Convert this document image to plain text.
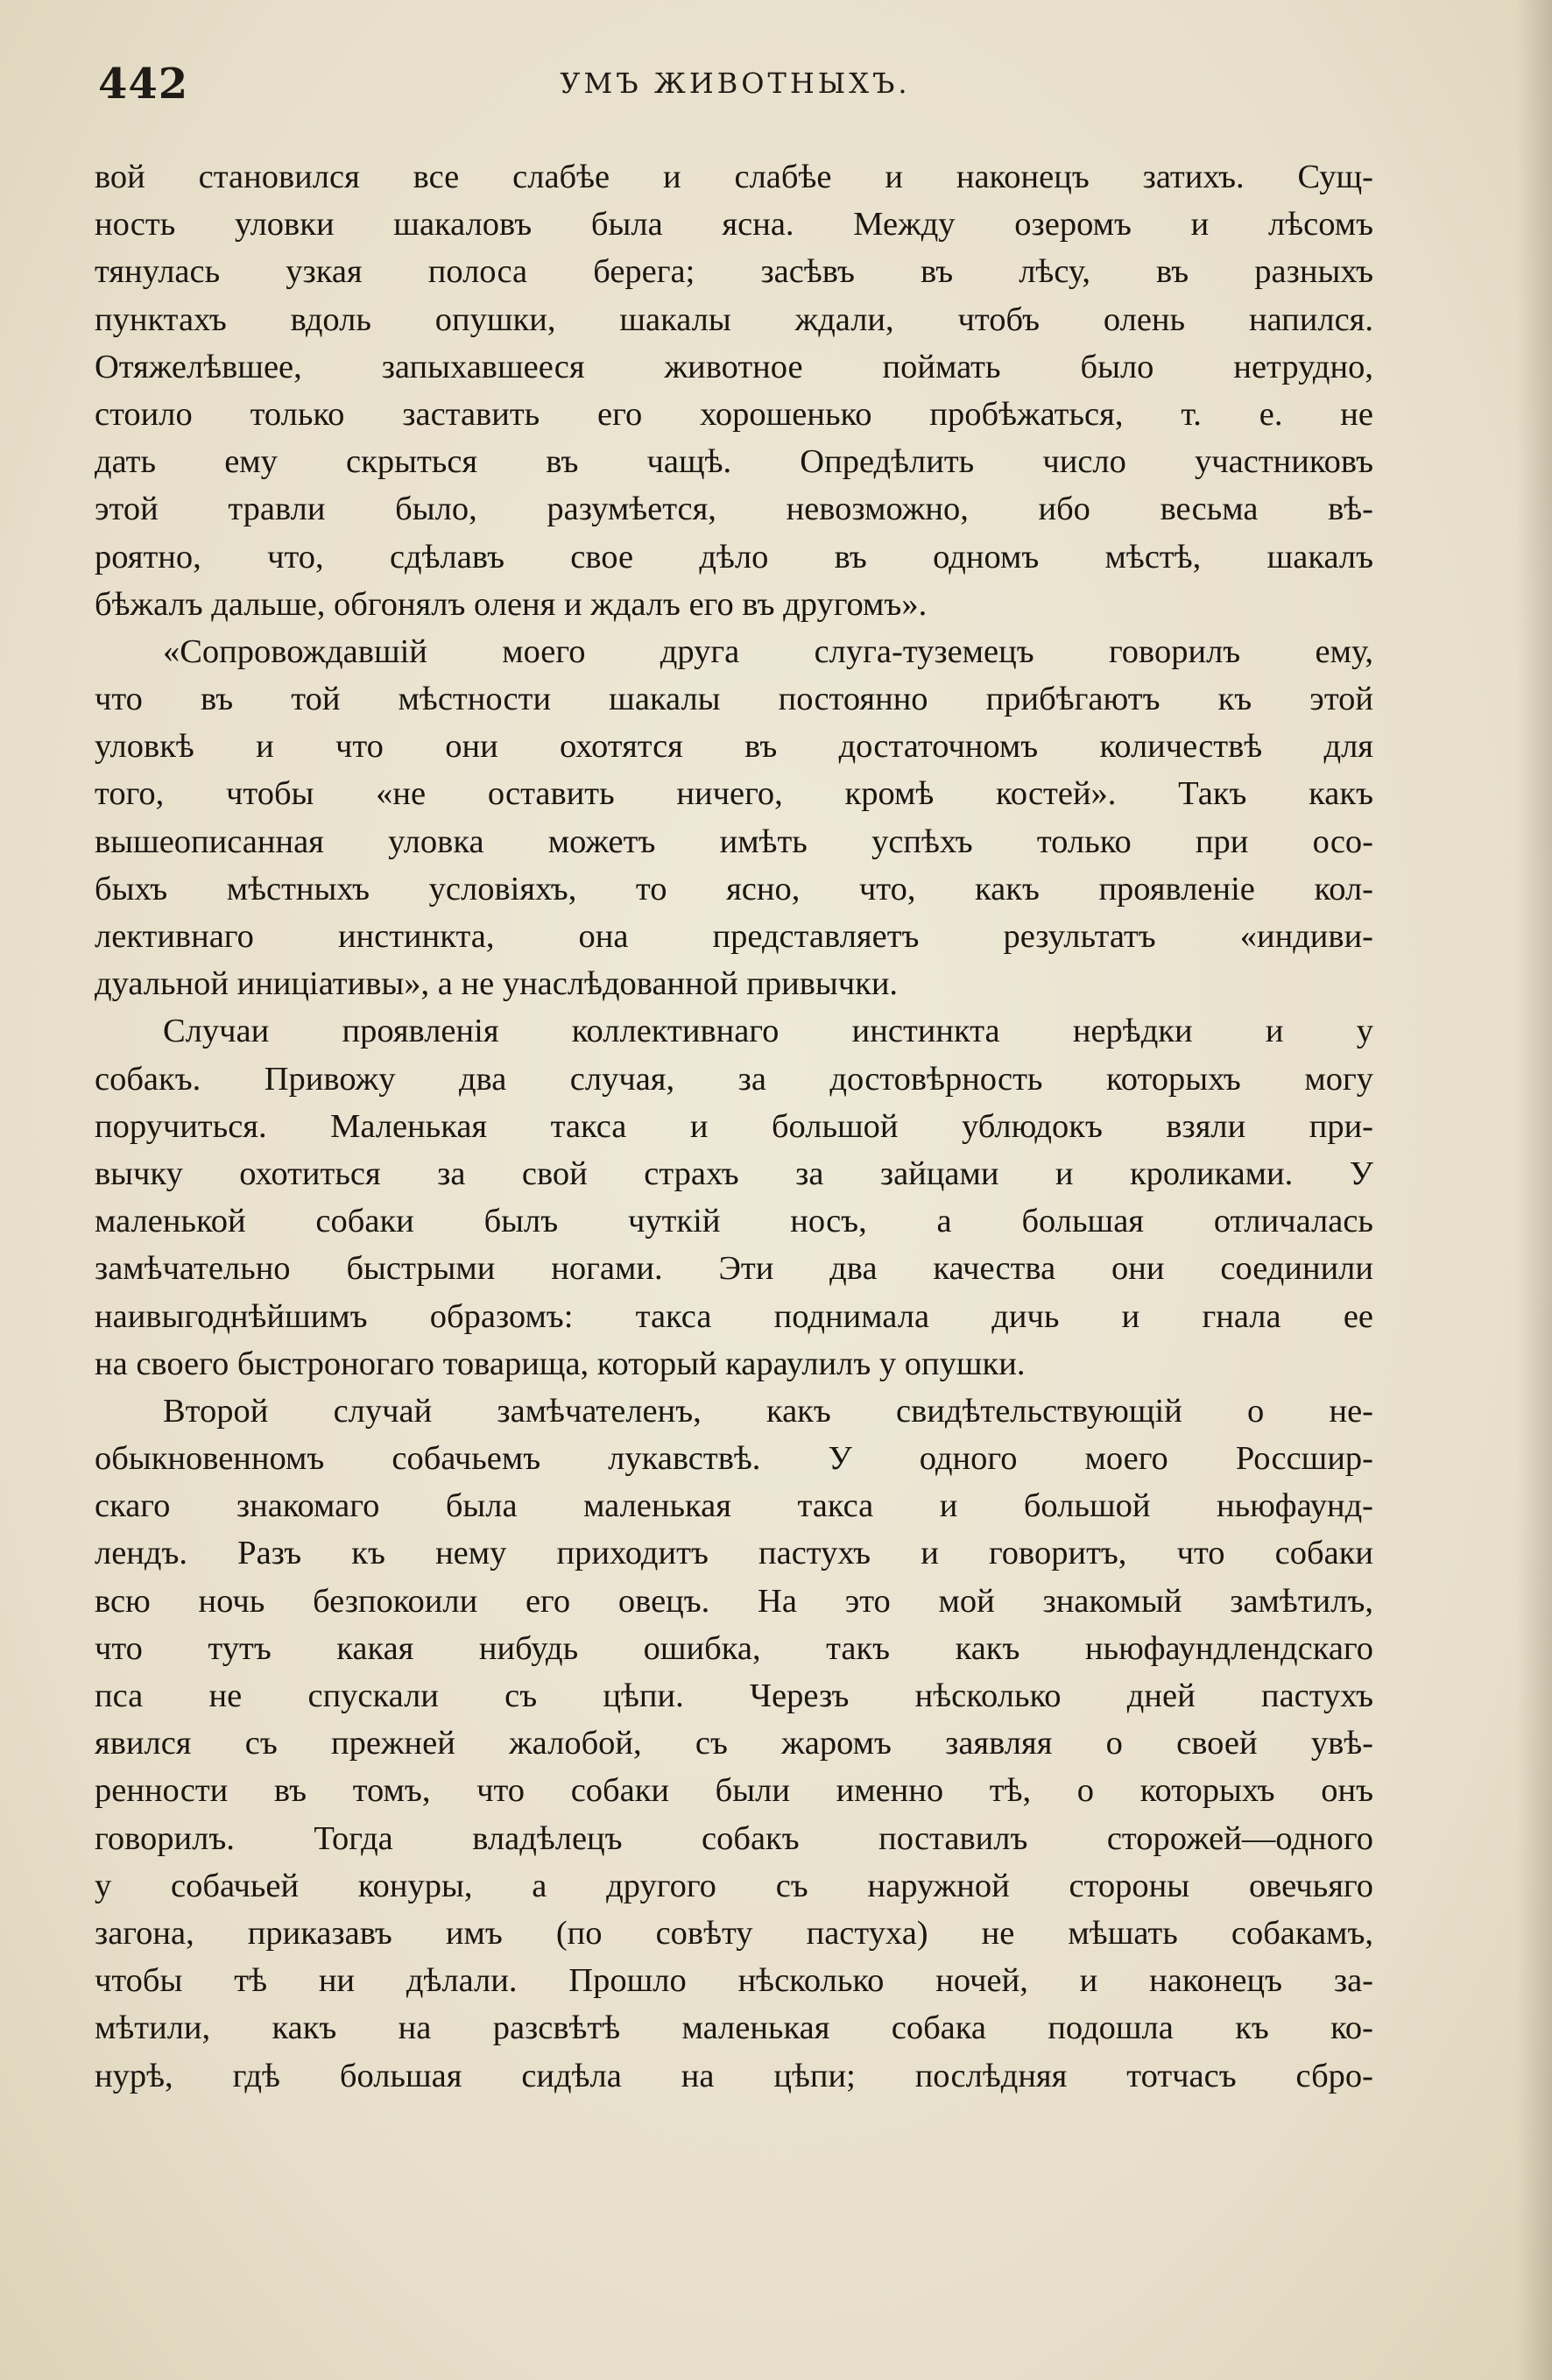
442	УМЪ ЖИВОТНЫХЪ.
вой становился все слабѣе и слабѣе и наконецъ затихъ. Сущ-
ность уловки шакаловъ была ясна. Между озеромъ и лѣсомъ
тянулась узкая полоса берега; засѣвъ въ лѣсу, въ разныхъ
пунктахъ вдоль опушки, шакалы ждали, чтобъ олень напился.
Отяжелѣвшее, запыхавшееся животное поймать было нетрудно,
стоило только заставить его хорошенько пробѣжаться, т. е. не
дать ему скрыться въ чащѣ. Опредѣлить число участниковъ
этой травли было, разумѣется, невозможно, ибо весьма вѣ-
роятно, что, сдѣлавъ свое дѣло въ одномъ мѣстѣ, шакалъ
бѣжалъ дальше, обгонялъ оленя и ждалъ его въ другомъ».
«Сопровождавшій моего друга слуга-туземецъ говорилъ ему,
что въ той мѣстности шакалы постоянно прибѣгаютъ къ этой
уловкѣ и что они охотятся въ достаточномъ количествѣ для
того, чтобы «не оставить ничего, кромѣ костей». Такъ какъ
вышеописанная уловка можетъ имѣть успѣхъ только при осо-
быхъ мѣстныхъ условіяхъ, то ясно, что, какъ проявленіе кол-
лективнаго инстинкта, она представляетъ результатъ «индиви-
дуальной иниціативы», а не унаслѣдованной привычки.
Случаи проявленія коллективнаго инстинкта нерѣдки и у
собакъ. Привожу два случая, за достовѣрность которыхъ могу
поручиться. Маленькая такса и большой ублюдокъ взяли при-
вычку охотиться за свой страхъ за зайцами и кроликами. У
маленькой собаки былъ чуткій носъ, а большая отличалась
замѣчательно быстрыми ногами. Эти два качества они соединили
наивыгоднѣйшимъ образомъ: такса поднимала дичь и гнала ее
на своего быстроногаго товарища, который караулилъ у опушки.
Второй случай замѣчателенъ, какъ свидѣтельствующій о не-
обыкновенномъ собачьемъ лукавствѣ. У одного моего Россшир-
скаго знакомаго была маленькая такса и большой ньюфаунд-
лендъ. Разъ къ нему приходитъ пастухъ и говоритъ, что собаки
всю ночь безпокоили его овецъ. На это мой знакомый замѣтилъ,
что тутъ какая нибудь ошибка, такъ какъ ньюфаундлендскаго
пса не спускали съ цѣпи. Черезъ нѣсколько дней пастухъ
явился съ прежней жалобой, съ жаромъ заявляя о своей увѣ-
ренности въ томъ, что собаки были именно тѣ, о которыхъ онъ
говорилъ. Тогда владѣлецъ собакъ поставилъ сторожей—одного
у собачьей конуры, а другого съ наружной стороны овечьяго
загона, приказавъ имъ (по совѣту пастуха) не мѣшать собакамъ,
чтобы тѣ ни дѣлали. Прошло нѣсколько ночей, и наконецъ за-
мѣтили, какъ на разсвѣтѣ маленькая собака подошла къ ко-
нурѣ, гдѣ большая сидѣла на цѣпи; послѣдняя тотчасъ сбро-
